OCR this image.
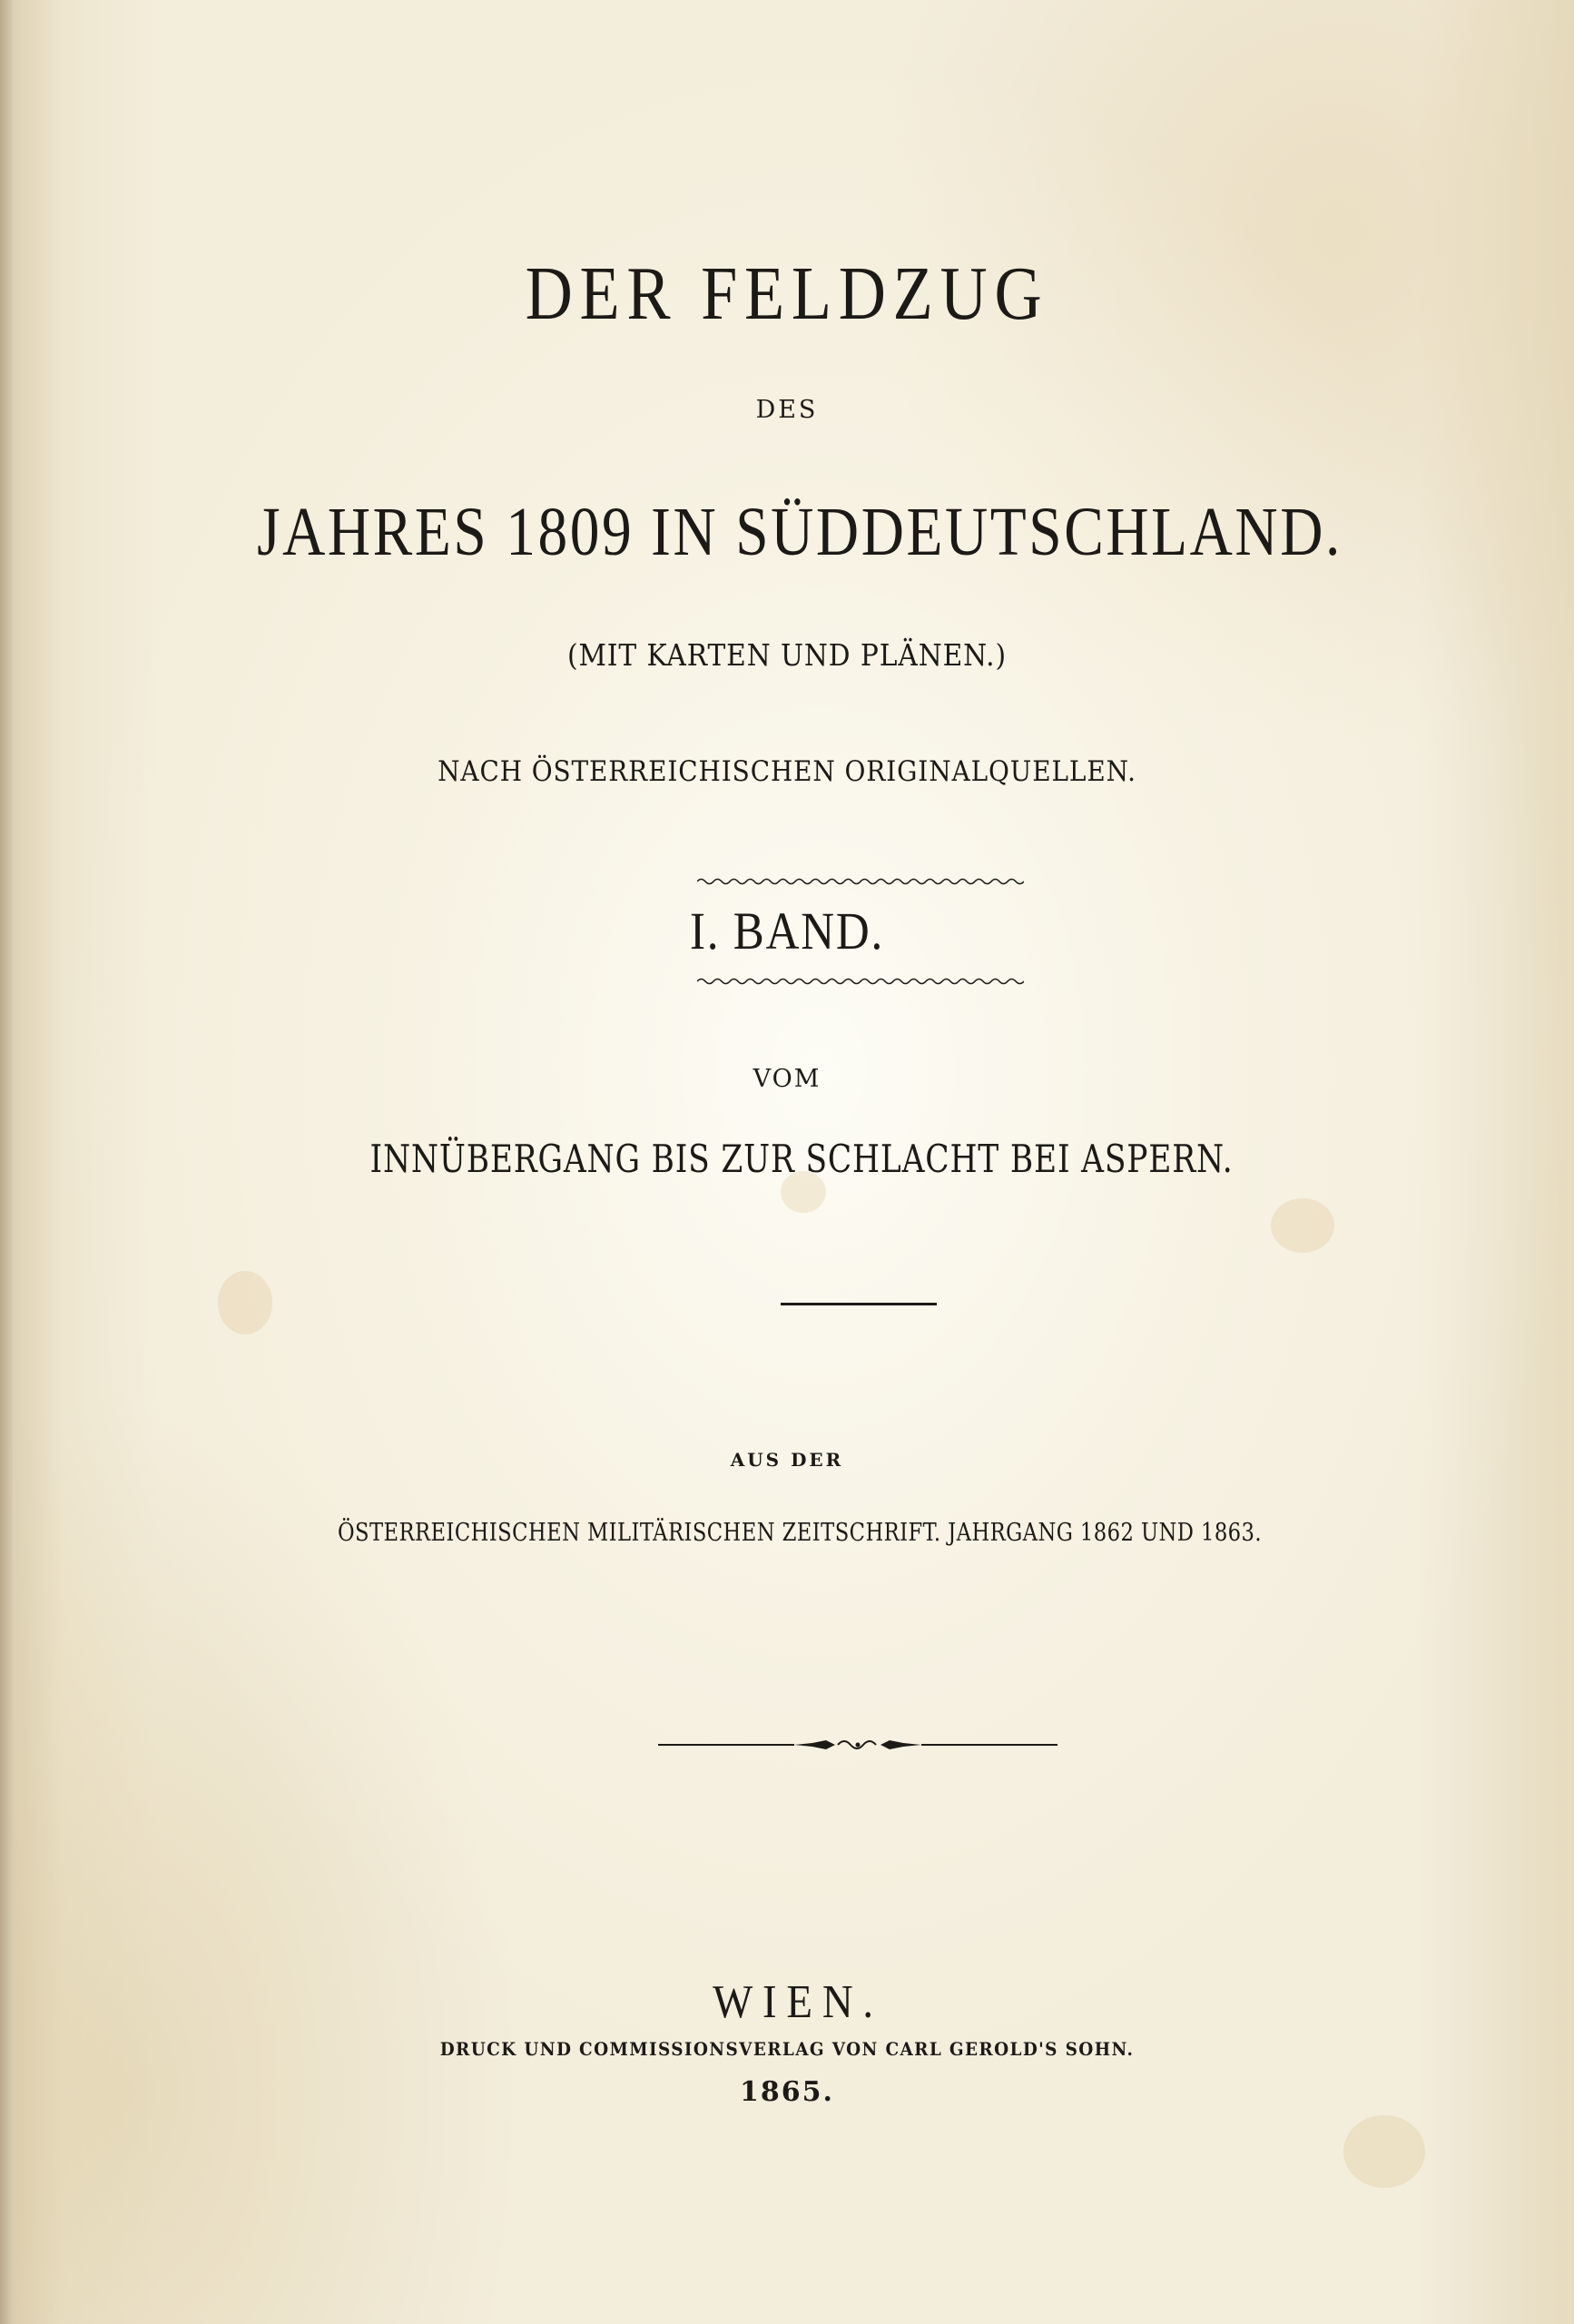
DER FELDZUG
DES
JAHRES 1809 IN SÜDDEUTSCHLAND.
(MIT KARTEN UND PLÄNEN.)
NACH ÖSTERREICHISCHEN ORIGINALQUELLEN.
I. BAND.
VOM
INNÜBERGANG BIS ZUR SCHLACHT BEI ASPERN.
AUS DER
ÖSTERREICHISCHEN MILITÄRISCHEN ZEITSCHRIFT. JAHRGANG 1862 UND 1863.
WIEN.
DRUCK UND COMMISSIONSVERLAG VON CARL GEROLD'S SOHN.
1865.
